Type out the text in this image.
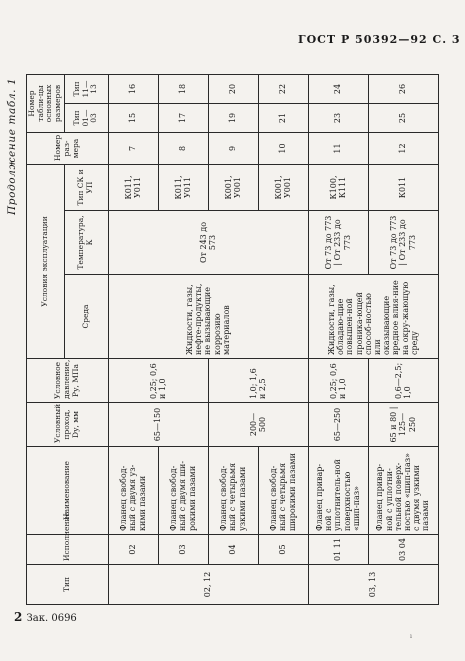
ГОСТ Р 50392—92 С. 3
Продолжение табл. 1
Тип	Исполнение	Наименование	Условный проход, Dу, мм	Условное давление, Pу, МПа	Условия эксплуатации			Номер раз-мера	Номер табли-цы основных размеров	
					Среда	Температура, К	Тип СК и УП		Тип 01—03	Тип 11—13
02, 12	02	Фланец свобод-ный с двумя уз-кими пазами	65—150	0,25; 0,6 и 1,0	Жидкости, газы, нефте-продукты, не вызывающие коррозию материалов	От 243 до 573	К011, У011	7	15	16
	03	Фланец свобод-ный с двумя ши-рокими пазами					К011, У011	8	17	18
	04	Фланец свобод-ный с четырьмя узкими пазами	200—500	1,0; 1,6 и 2,5			К001, У001	9	19	20
	05	Фланец свобод-ный с четырьмя широкими пазами					К001, У001	10	21	22
03, 13	01 11	Фланец привар-ной с уплотнитель-ной поверхностью «шип-паз»	65—250	0,25; 0,6 и 1,0	Жидкости, газы, обладаю-щие повышен-ной проника-ющей способ-ностью или оказывающие вредное влия-ние на окру-жающую среду	От 73 до 773 | От 233 до 773	К100, К111	11	23	24
	03 04	Фланец привар-ной с уплотни-тельной поверх-ностью «шип-паз» с двумя узкими пазами	65 и 80 | 125—250	0,6—2,5; 1,0		От 73 до 773 | От 233 до 773	К011	12	25	26
2 Зак. 0696
ı
